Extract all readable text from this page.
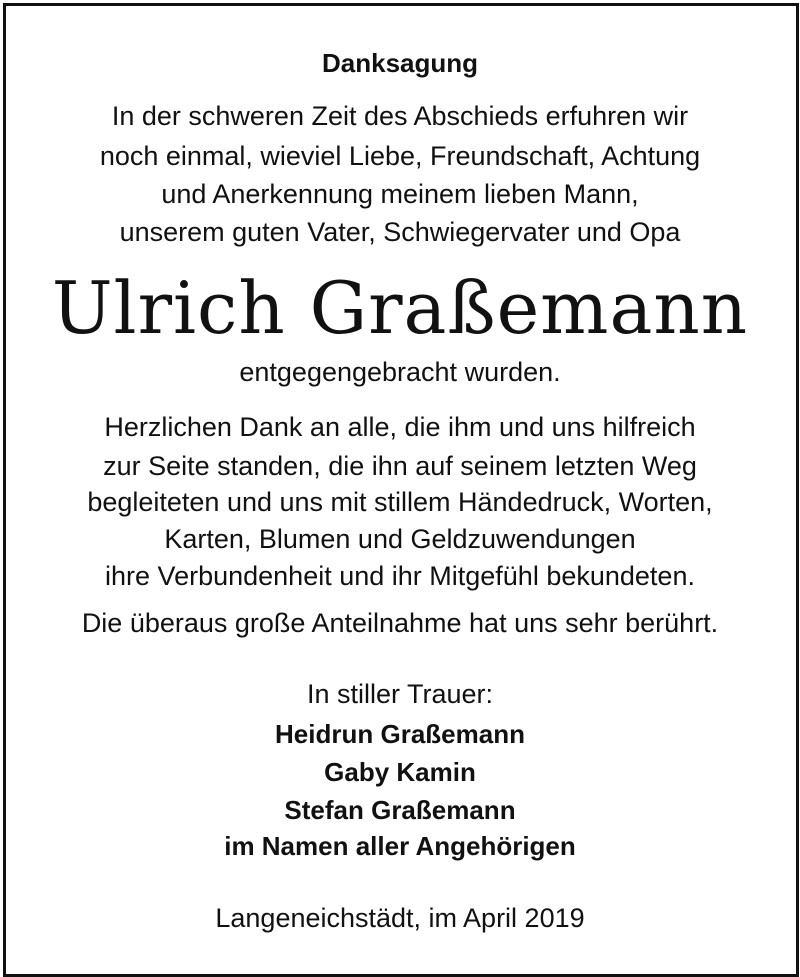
Danksagung
In der schweren Zeit des Abschieds erfuhren wir
noch einmal, wieviel Liebe, Freundschaft, Achtung
und Anerkennung meinem lieben Mann,
unserem guten Vater, Schwiegervater und Opa
Ulrich Graßemann
entgegengebracht wurden.
Herzlichen Dank an alle, die ihm und uns hilfreich
zur Seite standen, die ihn auf seinem letzten Weg
begleiteten und uns mit stillem Händedruck, Worten,
Karten, Blumen und Geldzuwendungen
ihre Verbundenheit und ihr Mitgefühl bekundeten.
Die überaus große Anteilnahme hat uns sehr berührt.
In stiller Trauer:
Heidrun Graßemann
Gaby Kamin
Stefan Graßemann
im Namen aller Angehörigen
Langeneichstädt, im April 2019
